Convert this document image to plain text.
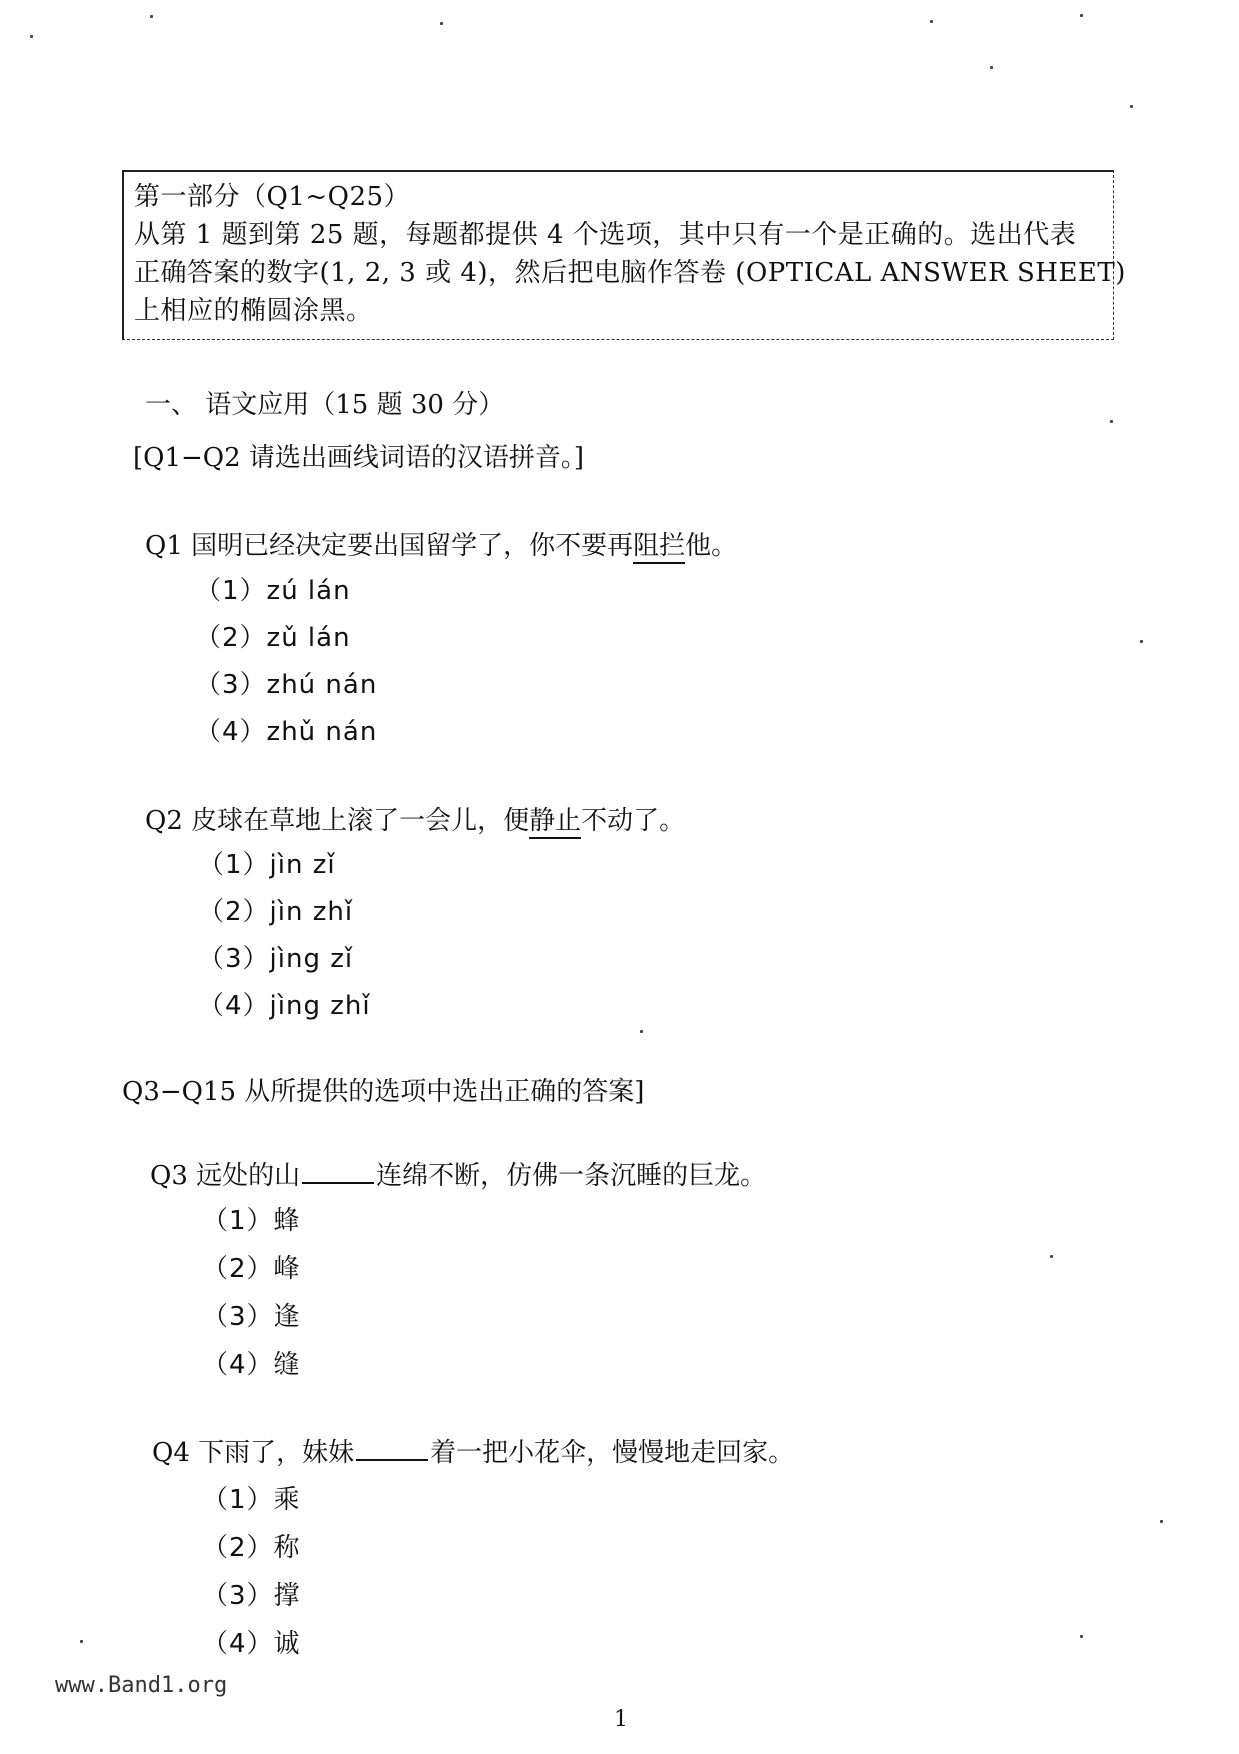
第一部分（Q1~Q25）
从第 1 题到第 25 题，每题都提供 4 个选项，其中只有一个是正确的。选出代表
正确答案的数字(1, 2, 3 或 4)，然后把电脑作答卷 (OPTICAL ANSWER SHEET)
上相应的椭圆涂黑。
一、 语文应用（15 题 30 分）
[Q1−Q2 请选出画线词语的汉语拼音。]
Q1 国明已经决定要出国留学了，你不要再阻拦他。
（1）zú lán
（2）zǔ lán
（3）zhú nán
（4）zhǔ nán
Q2 皮球在草地上滚了一会儿，便静止不动了。
（1）jìn zǐ
（2）jìn zhǐ
（3）jìng zǐ
（4）jìng zhǐ
Q3−Q15 从所提供的选项中选出正确的答案]
Q3 远处的山	连绵不断，仿佛一条沉睡的巨龙。
（1）蜂
（2）峰
（3）逢
（4）缝
Q4 下雨了，妹妹	着一把小花伞，慢慢地走回家。
（1）乘
（2）称
（3）撑
（4）诚
www.Band1.org
1
